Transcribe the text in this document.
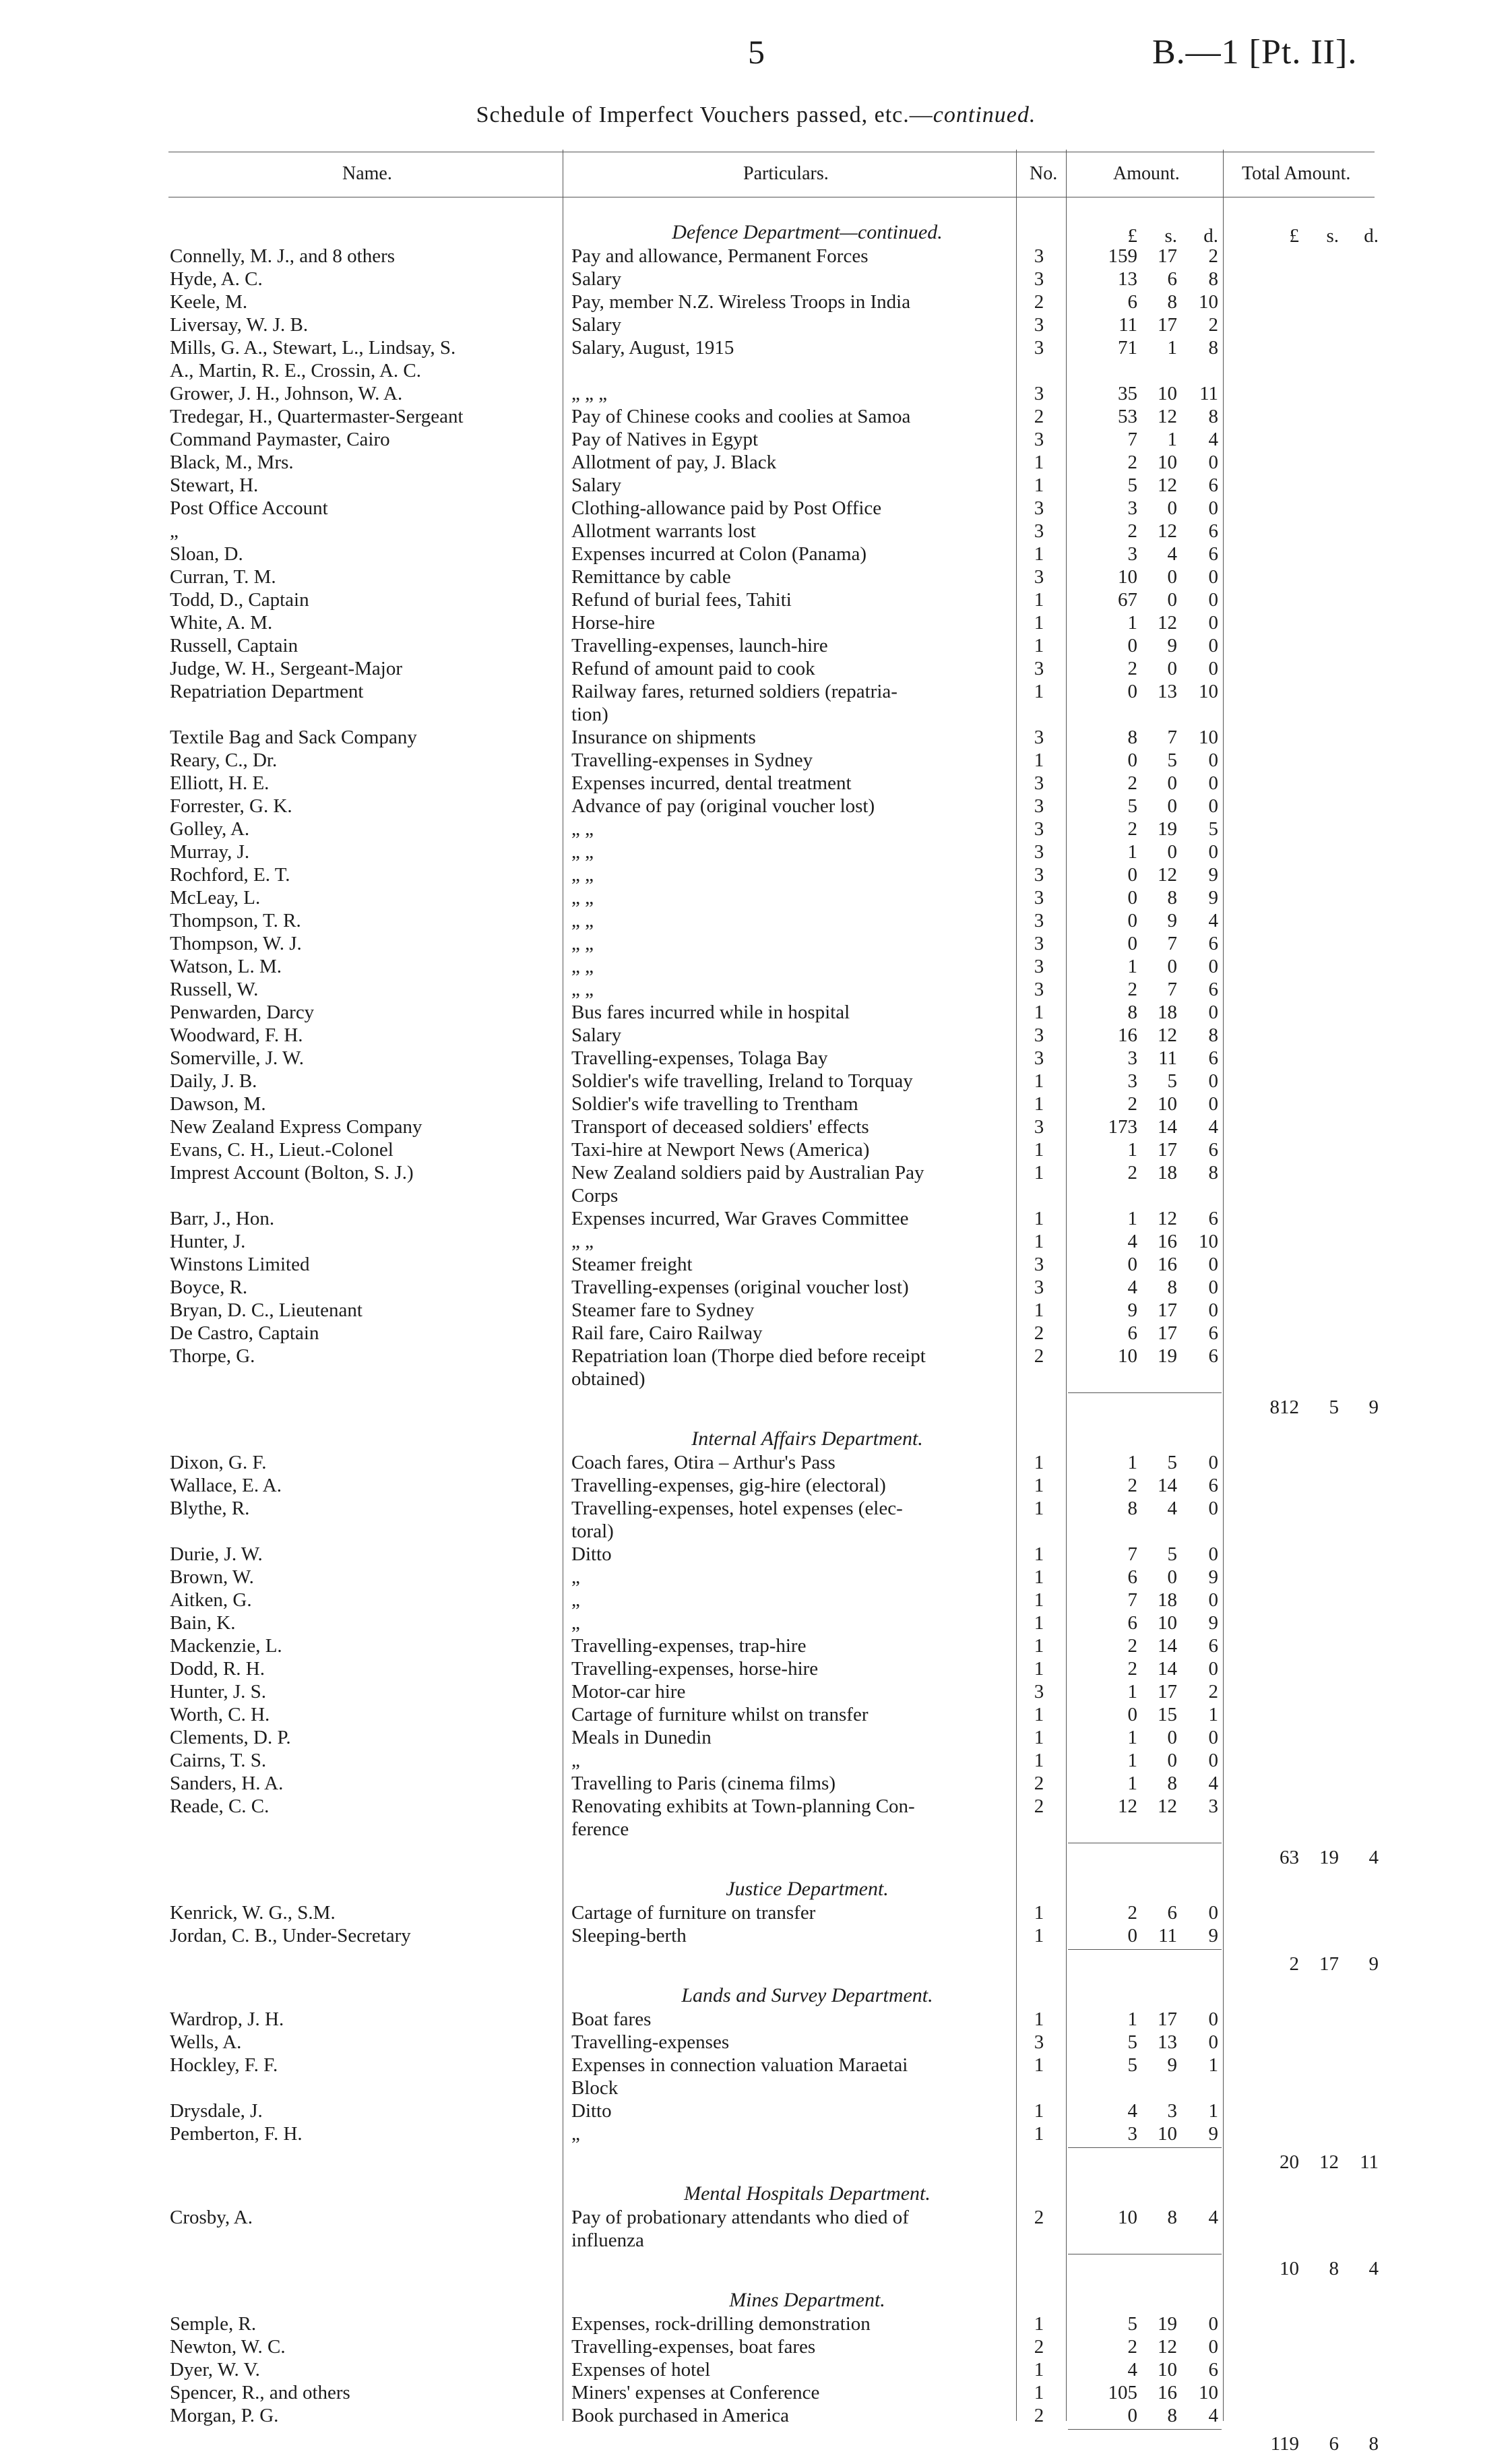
5	B.—1 [Pt. II].
Schedule of Imperfect Vouchers passed, etc.—continued.
Name.	Particulars.	No.	Amount.	Total Amount.
Defence Department—continued.	£	s.	d.	£	s.	d.
Connelly, M. J., and 8 others	Pay and allowance, Permanent Forces	3	159	17	2
Hyde, A. C.	Salary	3	13	6	8
Keele, M.	Pay, member N.Z. Wireless Troops in India	2	6	8	10
Liversay, W. J. B.	Salary	3	11	17	2
Mills, G. A., Stewart, L., Lindsay, S.	Salary, August, 1915	3	71	1	8
A., Martin, R. E., Crossin, A. C.
Grower, J. H., Johnson, W. A.	„ „ „	3	35	10	11
Tredegar, H., Quartermaster-Sergeant	Pay of Chinese cooks and coolies at Samoa	2	53	12	8
Command Paymaster, Cairo	Pay of Natives in Egypt	3	7	1	4
Black, M., Mrs.	Allotment of pay, J. Black	1	2	10	0
Stewart, H.	Salary	1	5	12	6
Post Office Account	Clothing-allowance paid by Post Office	3	3	0	0
„	Allotment warrants lost	3	2	12	6
Sloan, D.	Expenses incurred at Colon (Panama)	1	3	4	6
Curran, T. M.	Remittance by cable	3	10	0	0
Todd, D., Captain	Refund of burial fees, Tahiti	1	67	0	0
White, A. M.	Horse-hire	1	1	12	0
Russell, Captain	Travelling-expenses, launch-hire	1	0	9	0
Judge, W. H., Sergeant-Major	Refund of amount paid to cook	3	2	0	0
Repatriation Department	Railway fares, returned soldiers (repatria-	1	0	13	10
tion)
Textile Bag and Sack Company	Insurance on shipments	3	8	7	10
Reary, C., Dr.	Travelling-expenses in Sydney	1	0	5	0
Elliott, H. E.	Expenses incurred, dental treatment	3	2	0	0
Forrester, G. K.	Advance of pay (original voucher lost)	3	5	0	0
Golley, A.	„ „	3	2	19	5
Murray, J.	„ „	3	1	0	0
Rochford, E. T.	„ „	3	0	12	9
McLeay, L.	„ „	3	0	8	9
Thompson, T. R.	„ „	3	0	9	4
Thompson, W. J.	„ „	3	0	7	6
Watson, L. M.	„ „	3	1	0	0
Russell, W.	„ „	3	2	7	6
Penwarden, Darcy	Bus fares incurred while in hospital	1	8	18	0
Woodward, F. H.	Salary	3	16	12	8
Somerville, J. W.	Travelling-expenses, Tolaga Bay	3	3	11	6
Daily, J. B.	Soldier's wife travelling, Ireland to Torquay	1	3	5	0
Dawson, M.	Soldier's wife travelling to Trentham	1	2	10	0
New Zealand Express Company	Transport of deceased soldiers' effects	3	173	14	4
Evans, C. H., Lieut.-Colonel	Taxi-hire at Newport News (America)	1	1	17	6
Imprest Account (Bolton, S. J.)	New Zealand soldiers paid by Australian Pay	1	2	18	8
Corps
Barr, J., Hon.	Expenses incurred, War Graves Committee	1	1	12	6
Hunter, J.	„ „	1	4	16	10
Winstons Limited	Steamer freight	3	0	16	0
Boyce, R.	Travelling-expenses (original voucher lost)	3	4	8	0
Bryan, D. C., Lieutenant	Steamer fare to Sydney	1	9	17	0
De Castro, Captain	Rail fare, Cairo Railway	2	6	17	6
Thorpe, G.	Repatriation loan (Thorpe died before receipt	2	10	19	6
obtained)
812	5	9
Internal Affairs Department.
Dixon, G. F.	Coach fares, Otira – Arthur's Pass	1	1	5	0
Wallace, E. A.	Travelling-expenses, gig-hire (electoral)	1	2	14	6
Blythe, R.	Travelling-expenses, hotel expenses (elec-	1	8	4	0
toral)
Durie, J. W.	Ditto	1	7	5	0
Brown, W.	„	1	6	0	9
Aitken, G.	„	1	7	18	0
Bain, K.	„	1	6	10	9
Mackenzie, L.	Travelling-expenses, trap-hire	1	2	14	6
Dodd, R. H.	Travelling-expenses, horse-hire	1	2	14	0
Hunter, J. S.	Motor-car hire	3	1	17	2
Worth, C. H.	Cartage of furniture whilst on transfer	1	0	15	1
Clements, D. P.	Meals in Dunedin	1	1	0	0
Cairns, T. S.	„	1	1	0	0
Sanders, H. A.	Travelling to Paris (cinema films)	2	1	8	4
Reade, C. C.	Renovating exhibits at Town-planning Con-	2	12	12	3
ference
63	19	4
Justice Department.
Kenrick, W. G., S.M.	Cartage of furniture on transfer	1	2	6	0
Jordan, C. B., Under-Secretary	Sleeping-berth	1	0	11	9
2	17	9
Lands and Survey Department.
Wardrop, J. H.	Boat fares	1	1	17	0
Wells, A.	Travelling-expenses	3	5	13	0
Hockley, F. F.	Expenses in connection valuation Maraetai	1	5	9	1
Block
Drysdale, J.	Ditto	1	4	3	1
Pemberton, F. H.	„	1	3	10	9
20	12	11
Mental Hospitals Department.
Crosby, A.	Pay of probationary attendants who died of	2	10	8	4
influenza
10	8	4
Mines Department.
Semple, R.	Expenses, rock-drilling demonstration	1	5	19	0
Newton, W. C.	Travelling-expenses, boat fares	2	2	12	0
Dyer, W. V.	Expenses of hotel	1	4	10	6
Spencer, R., and others	Miners' expenses at Conference	1	105	16	10
Morgan, P. G.	Book purchased in America	2	0	8	4
119	6	8
